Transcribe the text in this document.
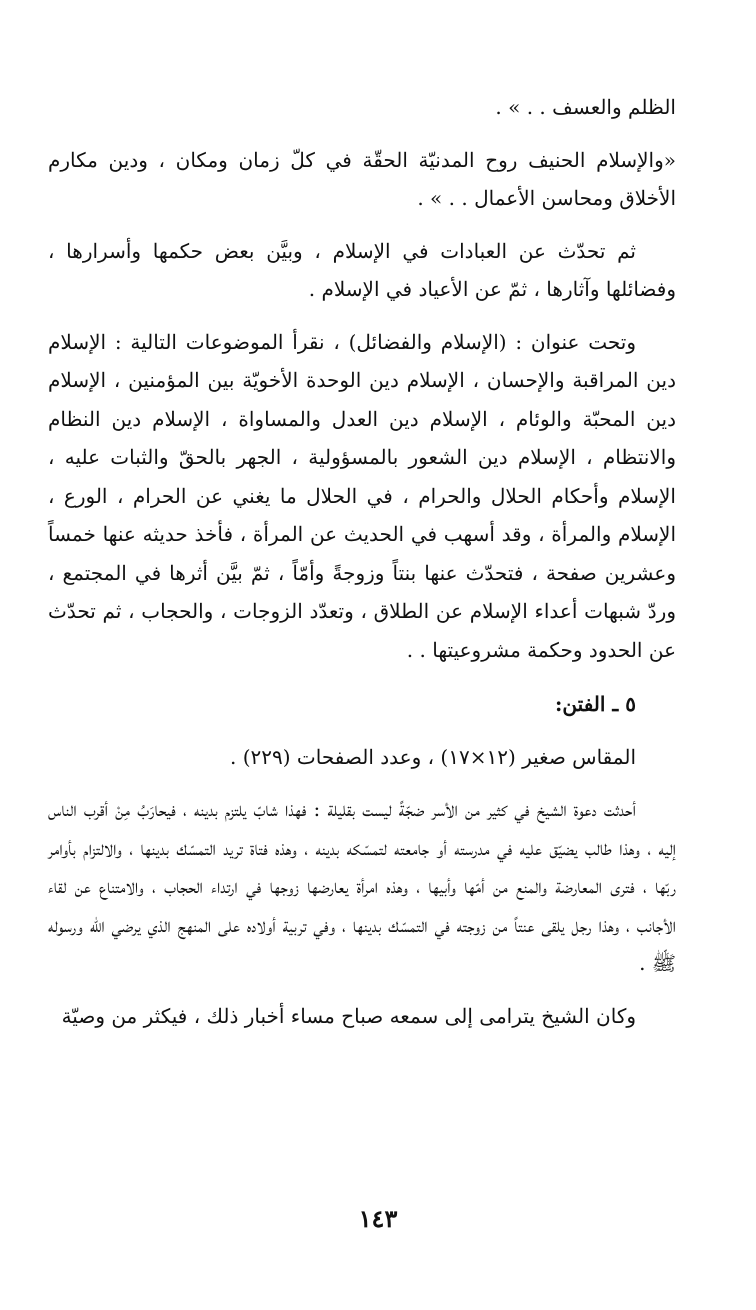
الظلم والعسف . . » .

«والإسلام الحنيف روح المدنيّة الحقّة في كلّ زمان ومكان ، ودين مكارم الأخلاق ومحاسن الأعمال . . » .

ثم تحدّث عن العبادات في الإسلام ، وبيَّن بعض حكمها وأسرارها ، وفضائلها وآثارها ، ثمّ عن الأعياد في الإسلام .

وتحت عنوان : (الإسلام والفضائل) ، نقرأ الموضوعات التالية : الإسلام دين المراقبة والإحسان ، الإسلام دين الوحدة الأخويّة بين المؤمنين ، الإسلام دين المحبّة والوئام ، الإسلام دين العدل والمساواة ، الإسلام دين النظام والانتظام ، الإسلام دين الشعور بالمسؤولية ، الجهر بالحقّ والثبات عليه ، الإسلام وأحكام الحلال والحرام ، في الحلال ما يغني عن الحرام ، الورع ، الإسلام والمرأة ، وقد أسهب في الحديث عن المرأة ، فأخذ حديثه عنها خمساً وعشرين صفحة ، فتحدّث عنها بنتاً وزوجةً وأمّاً ، ثمّ بيَّن أثرها في المجتمع ، وردّ شبهات أعداء الإسلام عن الطلاق ، وتعدّد الزوجات ، والحجاب ، ثم تحدّث عن الحدود وحكمة مشروعيتها . .

٥ ـ الفتن:

المقاس صغير (١٢×١٧) ، وعدد الصفحات (٢٢٩) .

أحدثت دعوة الشيخ في كثير من الأسر ضجّةً ليست بقليلة : فهذا شابّ يلتزم بدينه ، فيحارَبُ مِنْ أقرب الناس إليه ، وهذا طالب يضيّق عليه في مدرسته أو جامعته لتمسّكه بدينه ، وهذه فتاة تريد التمسّك بدينها ، والالتزام بأوامر ربّها ، فترى المعارضة والمنع من أمّها وأبيها ، وهذه امرأة يعارضها زوجها في ارتداء الحجاب ، والامتناع عن لقاء الأجانب ، وهذا رجل يلقى عنتاً من زوجته في التمسّك بدينها ، وفي تربية أولاده على المنهج الذي يرضي الله ورسوله ﷺ .

وكان الشيخ يترامى إلى سمعه صباح مساء أخبار ذلك ، فيكثر من وصيّة

١٤٣
